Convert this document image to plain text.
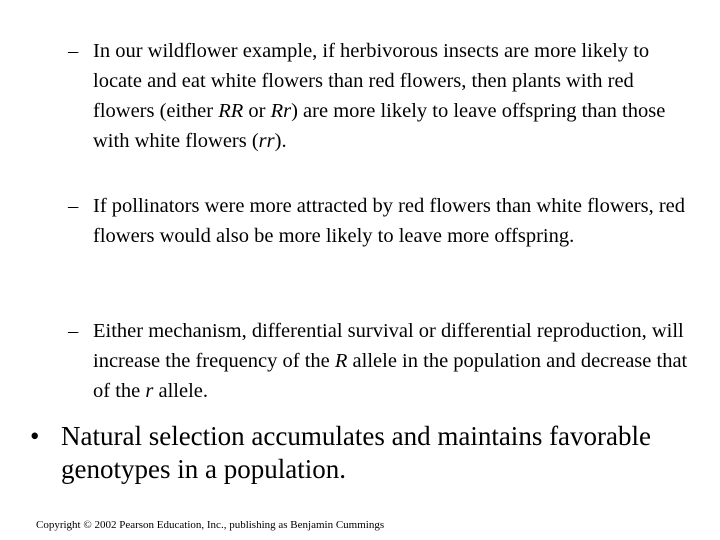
– In our wildflower example, if herbivorous insects are more likely to locate and eat white flowers than red flowers, then plants with red flowers (either RR or Rr) are more likely to leave offspring than those with white flowers (rr).
– If pollinators were more attracted by red flowers than white flowers, red flowers would also be more likely to leave more offspring.
– Either mechanism, differential survival or differential reproduction, will increase the frequency of the R allele in the population and decrease that of the r allele.
• Natural selection accumulates and maintains favorable genotypes in a population.
Copyright © 2002 Pearson Education, Inc., publishing as Benjamin Cummings
